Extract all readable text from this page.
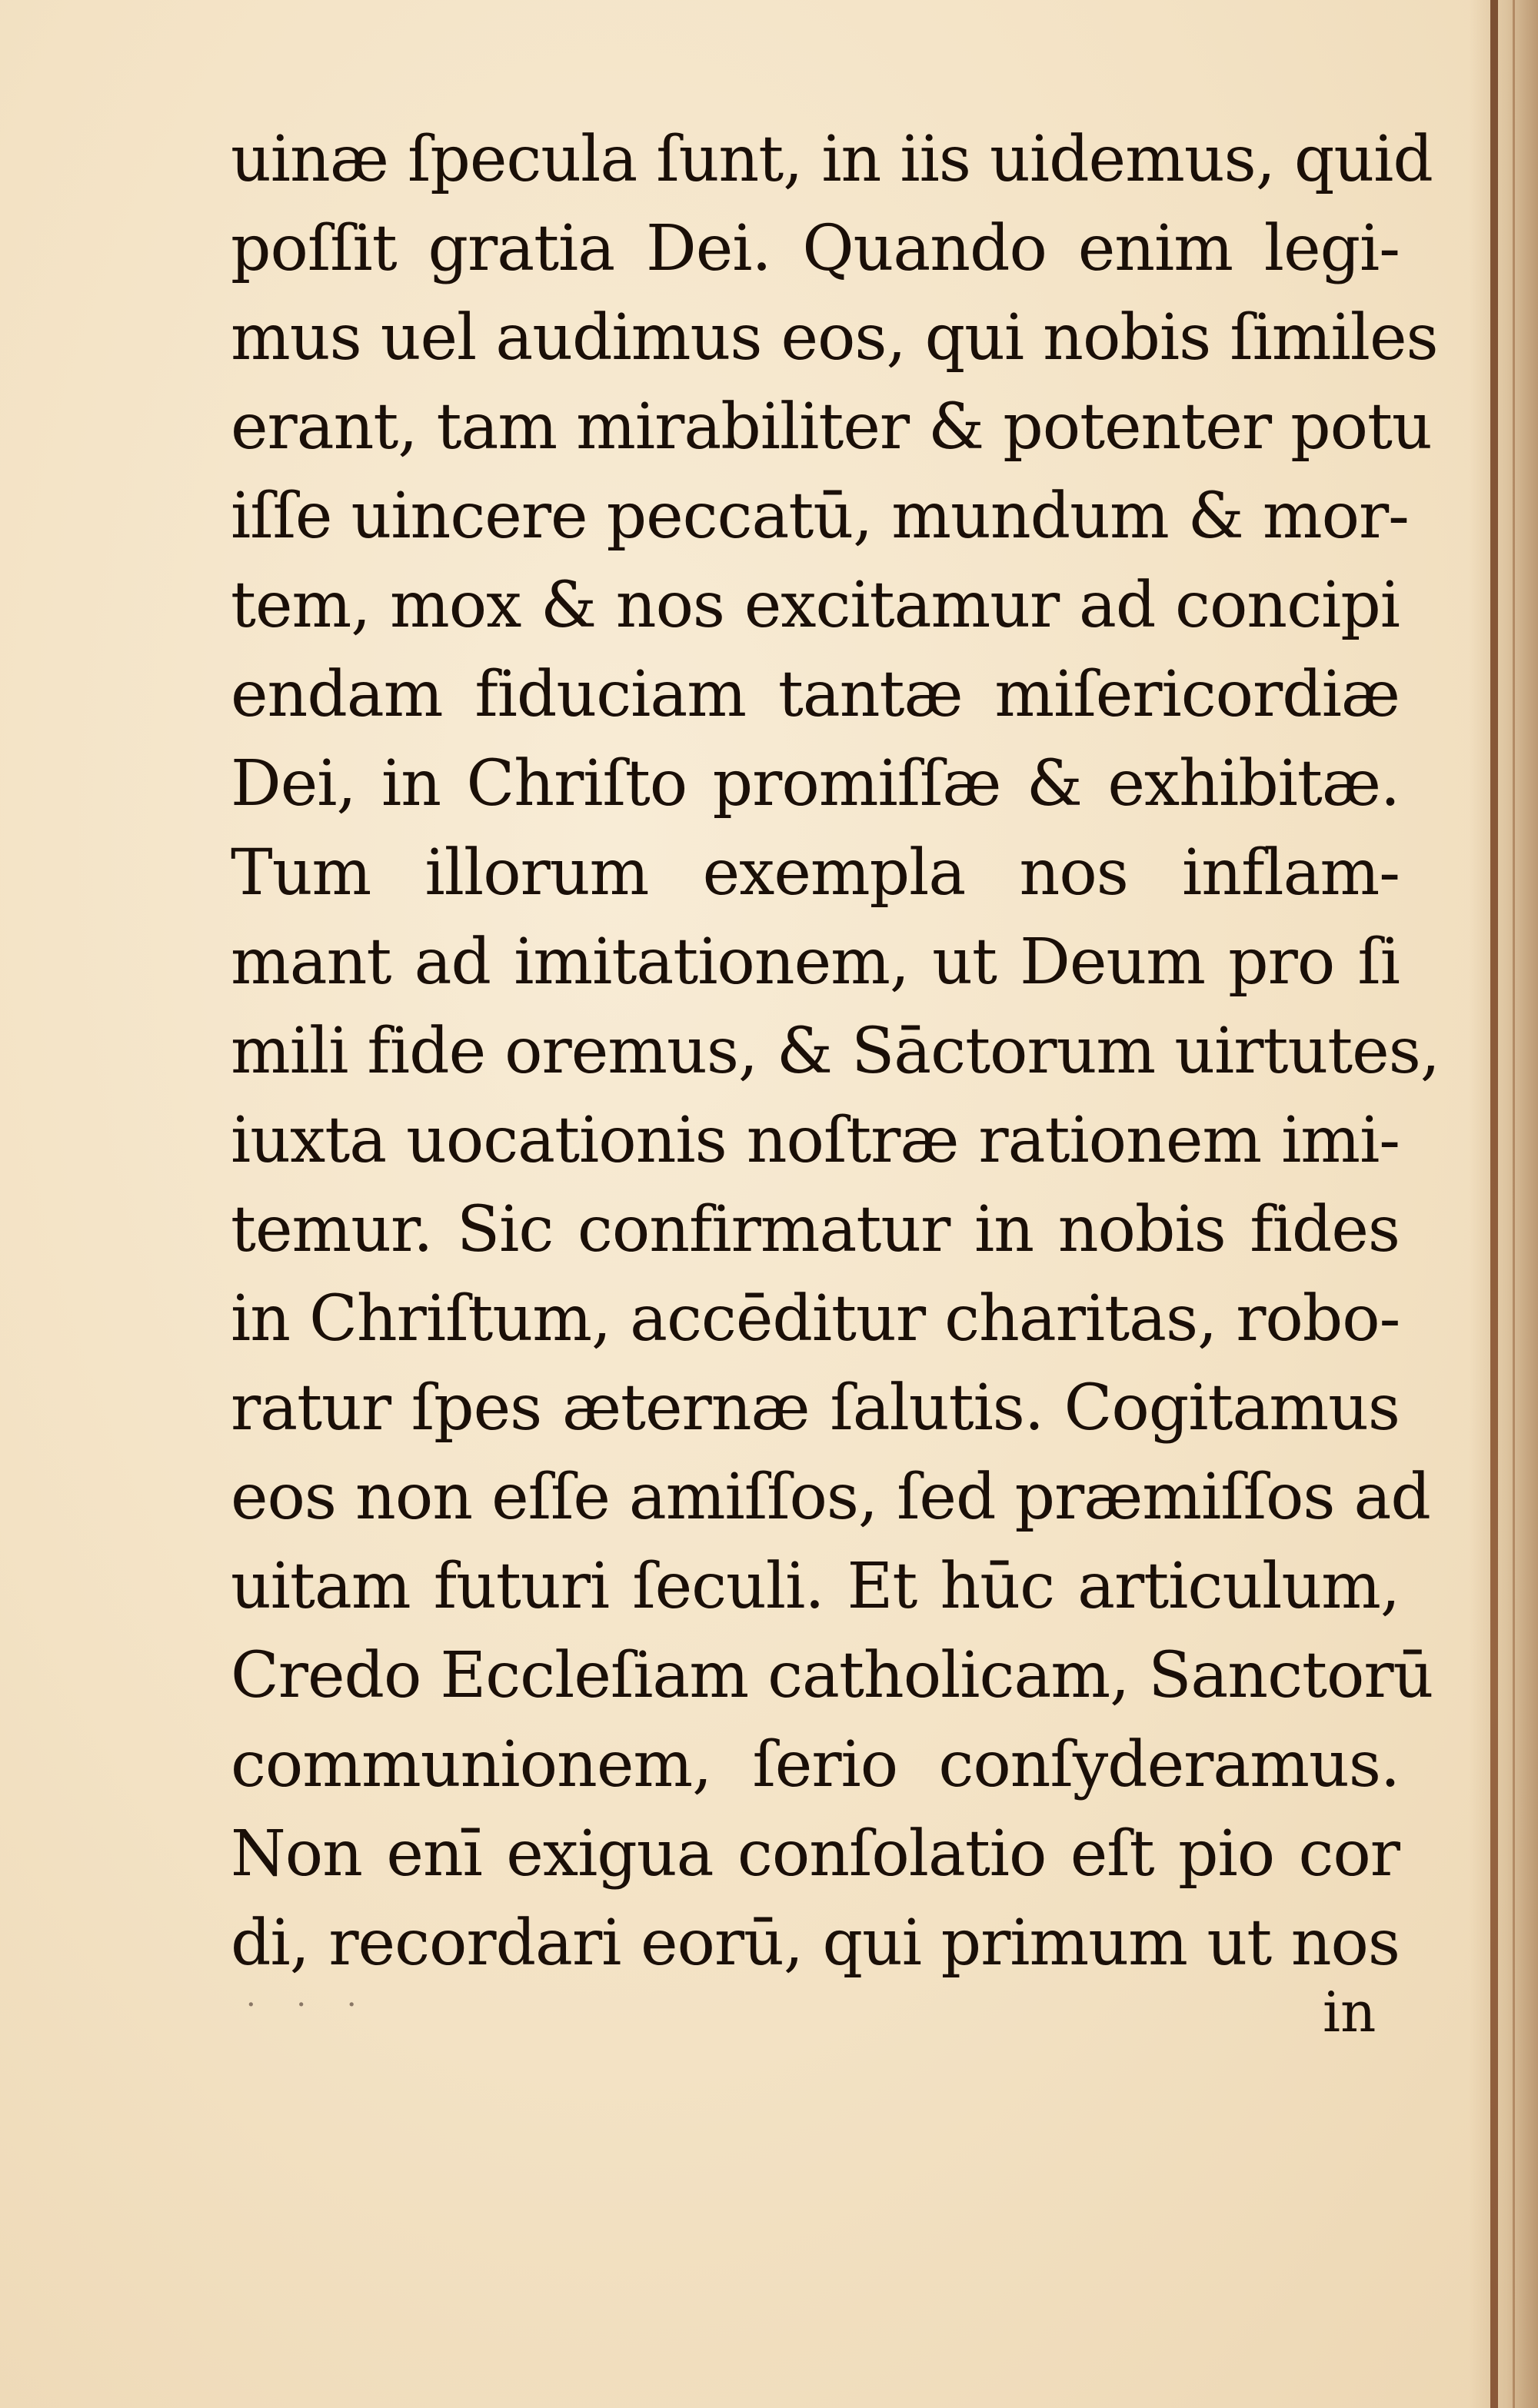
uinæ ſpecula ſunt, in iis uidemus, quid
poſſit gratia Dei. Quando enim legi-
mus uel audimus eos, qui nobis ſimiles
erant, tam mirabiliter & potenter potu
iſſe uincere peccatū, mundum & mor-
tem, mox & nos excitamur ad concipi
endam fiduciam tantæ miſericordiæ
Dei, in Chriſto promiſſæ & exhibitæ.
Tum illorum exempla nos inflam-
mant ad imitationem, ut Deum pro ſi
mili fide oremus, & Sāctorum uirtutes,
iuxta uocationis noſtræ rationem imi-
temur. Sic confirmatur in nobis fides
in Chriſtum, accēditur charitas, robo-
ratur ſpes æternæ ſalutis. Cogitamus
eos non eſſe amiſſos, ſed præmiſſos ad
uitam futuri ſeculi. Et hūc articulum,
Credo Eccleſiam catholicam, Sanctorū
communionem, ſerio conſyderamus.
Non enī exigua conſolatio eſt pio cor
di, recordari eorū, qui primum ut nos
· · ·	in
